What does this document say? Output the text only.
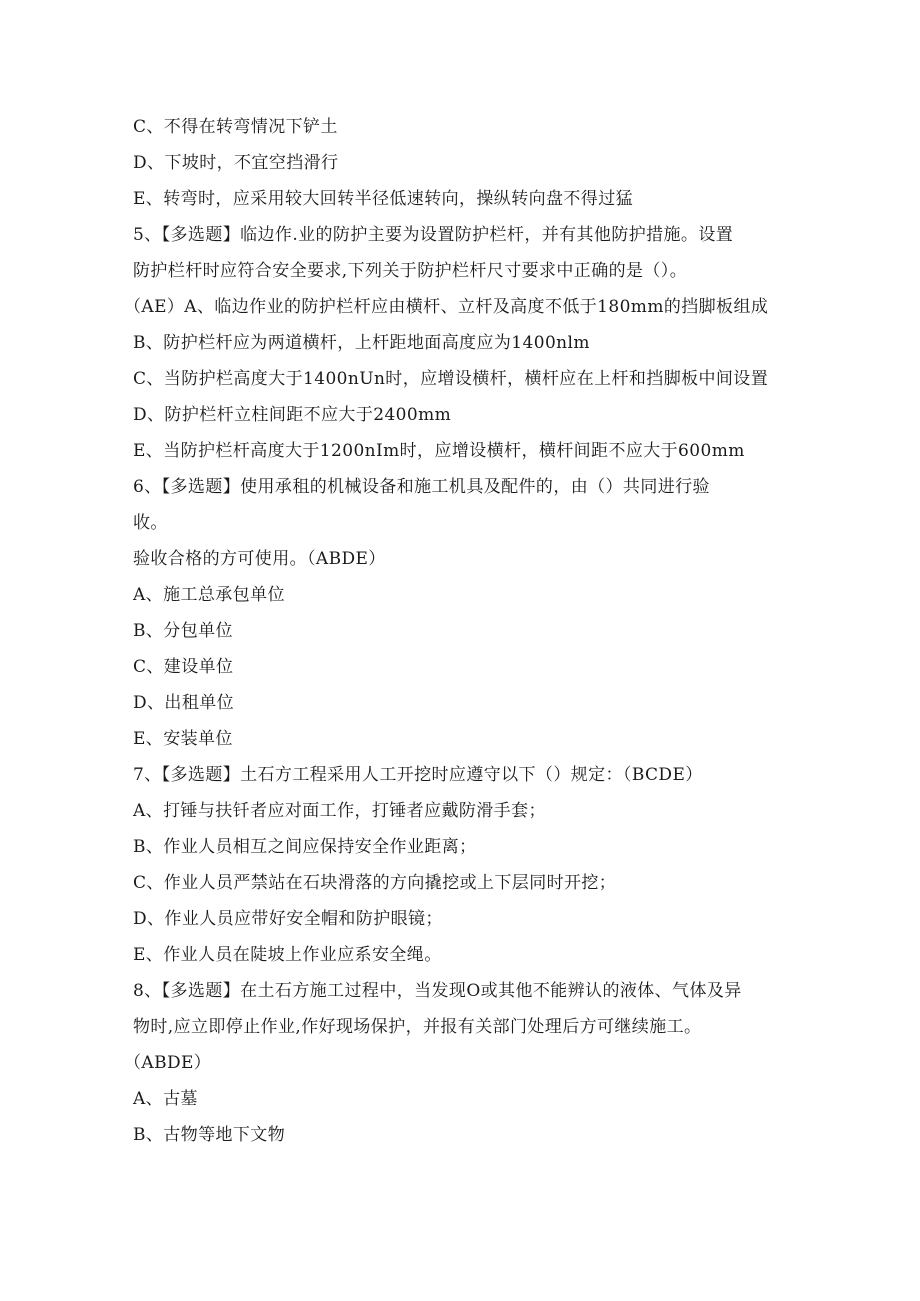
C、不得在转弯情况下铲土
D、下坡时，不宜空挡滑行
E、转弯时，应采用较大回转半径低速转向，操纵转向盘不得过猛
5、【多选题】临边作.业的防护主要为设置防护栏杆，并有其他防护措施。设置
防护栏杆时应符合安全要求,下列关于防护栏杆尺寸要求中正确的是（）。
（AE）A、临边作业的防护栏杆应由横杆、立杆及高度不低于180mm的挡脚板组成
B、防护栏杆应为两道横杆，上杆距地面高度应为1400nlm
C、当防护栏高度大于1400nUn时，应增设横杆，横杆应在上杆和挡脚板中间设置
D、防护栏杆立柱间距不应大于2400mm
E、当防护栏杆高度大于1200nIm时，应增设横杆，横杆间距不应大于600mm
6、【多选题】使用承租的机械设备和施工机具及配件的，由（）共同进行验
收。
验收合格的方可使用。（ABDE）
A、施工总承包单位
B、分包单位
C、建设单位
D、出租单位
E、安装单位
7、【多选题】土石方工程采用人工开挖时应遵守以下（）规定：（BCDE）
A、打锤与扶钎者应对面工作，打锤者应戴防滑手套；
B、作业人员相互之间应保持安全作业距离；
C、作业人员严禁站在石块滑落的方向撬挖或上下层同时开挖；
D、作业人员应带好安全帽和防护眼镜；
E、作业人员在陡坡上作业应系安全绳。
8、【多选题】在土石方施工过程中，当发现O或其他不能辨认的液体、气体及异
物时,应立即停止作业,作好现场保护，并报有关部门处理后方可继续施工。
（ABDE）
A、古墓
B、古物等地下文物
